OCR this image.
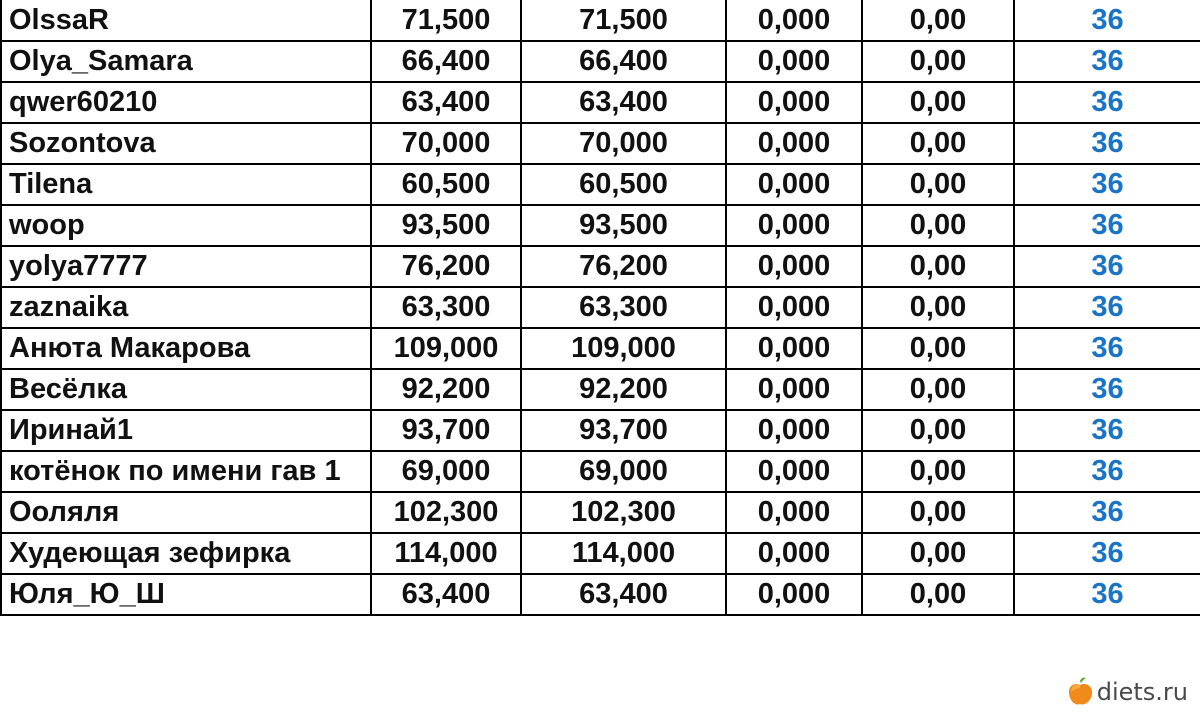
OlssaR	71,500	71,500	0,000	0,00	36
Olya_Samara	66,400	66,400	0,000	0,00	36
qwer60210	63,400	63,400	0,000	0,00	36
Sozontova	70,000	70,000	0,000	0,00	36
Tilena	60,500	60,500	0,000	0,00	36
woop	93,500	93,500	0,000	0,00	36
yolya7777	76,200	76,200	0,000	0,00	36
zaznaika	63,300	63,300	0,000	0,00	36
Анюта Макарова	109,000	109,000	0,000	0,00	36
Весёлка	92,200	92,200	0,000	0,00	36
Иринай1	93,700	93,700	0,000	0,00	36
котёнок по имени гав 1	69,000	69,000	0,000	0,00	36
Ооляля	102,300	102,300	0,000	0,00	36
Худеющая зефирка	114,000	114,000	0,000	0,00	36
Юля_Ю_Ш	63,400	63,400	0,000	0,00	36
diets.ru
